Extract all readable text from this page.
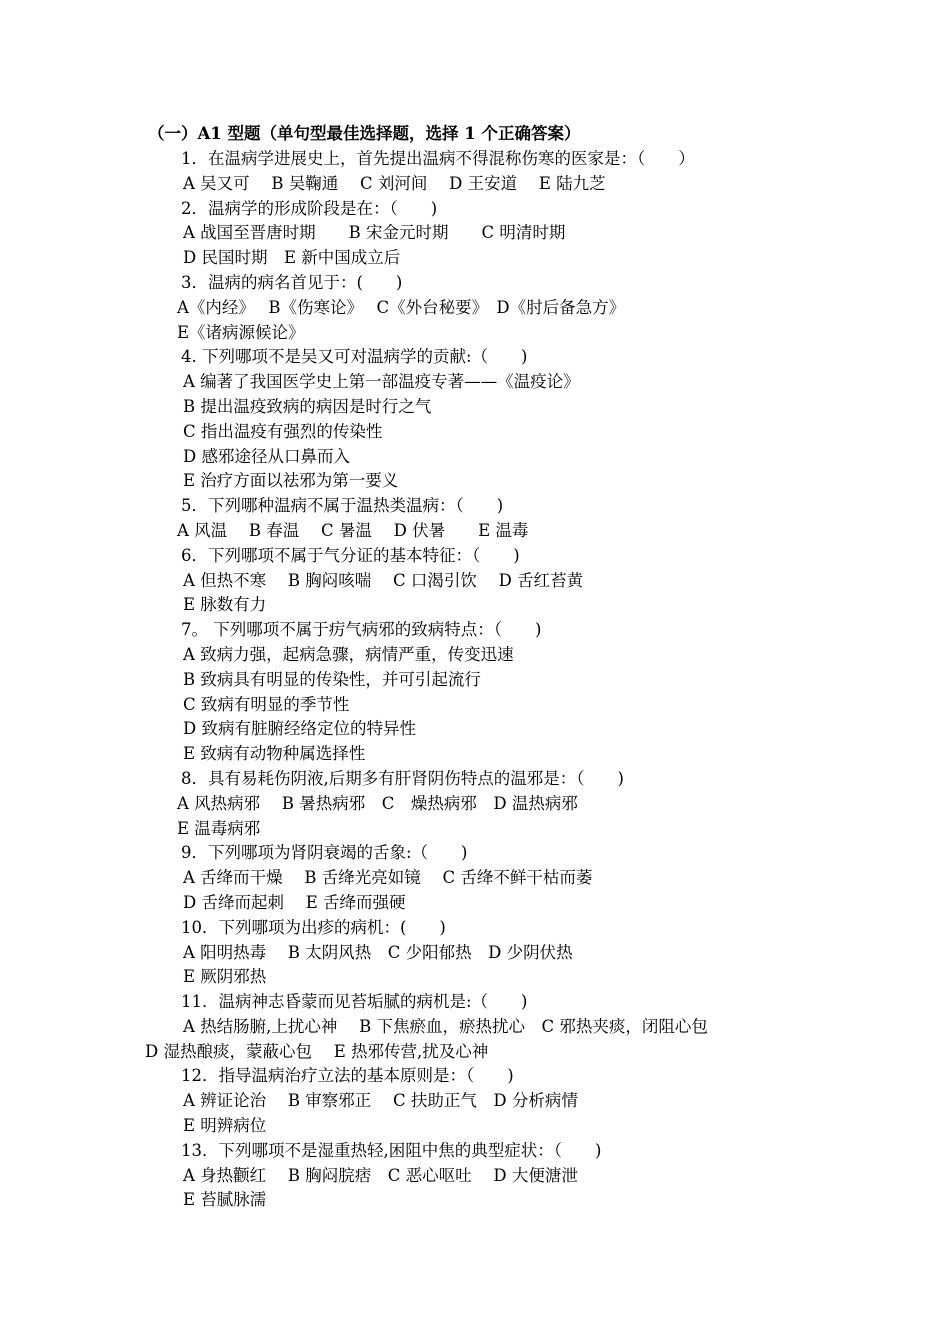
（一）A1 型题（单句型最佳选择题，选择 1 个正确答案）
1．在温病学进展史上，首先提出温病不得混称伤寒的医家是：（　　）
A 吴又可　 B 吴鞠通　 C 刘河间　 D 王安道　 E 陆九芝
2．温病学的形成阶段是在：（　　)
A 战国至晋唐时期　　B 宋金元时期　　C 明清时期
D 民国时期　E 新中国成立后
3．温病的病名首见于：(　　)
A《内经》　 B《伤寒论》　 C《外台秘要》　D《肘后备急方》
E《诸病源候论》
4. 下列哪项不是吴又可对温病学的贡献:（　　)
A 编著了我国医学史上第一部温疫专著——《温疫论》
B 提出温疫致病的病因是时行之气
C 指出温疫有强烈的传染性
D 感邪途径从口鼻而入
E 治疗方面以祛邪为第一要义
5．下列哪种温病不属于温热类温病：（　　)
A 风温　 B 春温　 C 暑温　 D 伏暑　　E 温毒
6．下列哪项不属于气分证的基本特征：（　　)
A 但热不寒　 B 胸闷咳喘　 C 口渴引饮　 D 舌红苔黄
E 脉数有力
7。 下列哪项不属于疠气病邪的致病特点：（　　)
A 致病力强，起病急骤，病情严重，传变迅速
B 致病具有明显的传染性，并可引起流行
C 致病有明显的季节性
D 致病有脏腑经络定位的特异性
E 致病有动物种属选择性
8．具有易耗伤阴液,后期多有肝肾阴伤特点的温邪是：（　　)
A 风热病邪　 B 暑热病邪　C　燥热病邪　D 温热病邪
E 温毒病邪
9．下列哪项为肾阴衰竭的舌象:（　　)
A 舌绛而干燥　 B 舌绛光亮如镜　 C 舌绛不鲜干枯而萎
D 舌绛而起刺　 E 舌绛而强硬
10．下列哪项为出疹的病机：(　　)
A 阳明热毒　 B 太阴风热　C 少阳郁热　D 少阴伏热
E 厥阴邪热
11．温病神志昏蒙而见苔垢腻的病机是:（　　)
A 热结肠腑,上扰心神　 B 下焦瘀血，瘀热扰心　C 邪热夹痰，闭阻心包
D 湿热酿痰，蒙蔽心包　 E 热邪传营,扰及心神
12．指导温病治疗立法的基本原则是：（　　)
A 辨证论治　 B 审察邪正　 C 扶助正气　D 分析病情
E 明辨病位
13．下列哪项不是湿重热轻,困阻中焦的典型症状：（　　)
A 身热颧红　 B 胸闷脘痞　C 恶心呕吐　 D 大便溏泄
E 苔腻脉濡
